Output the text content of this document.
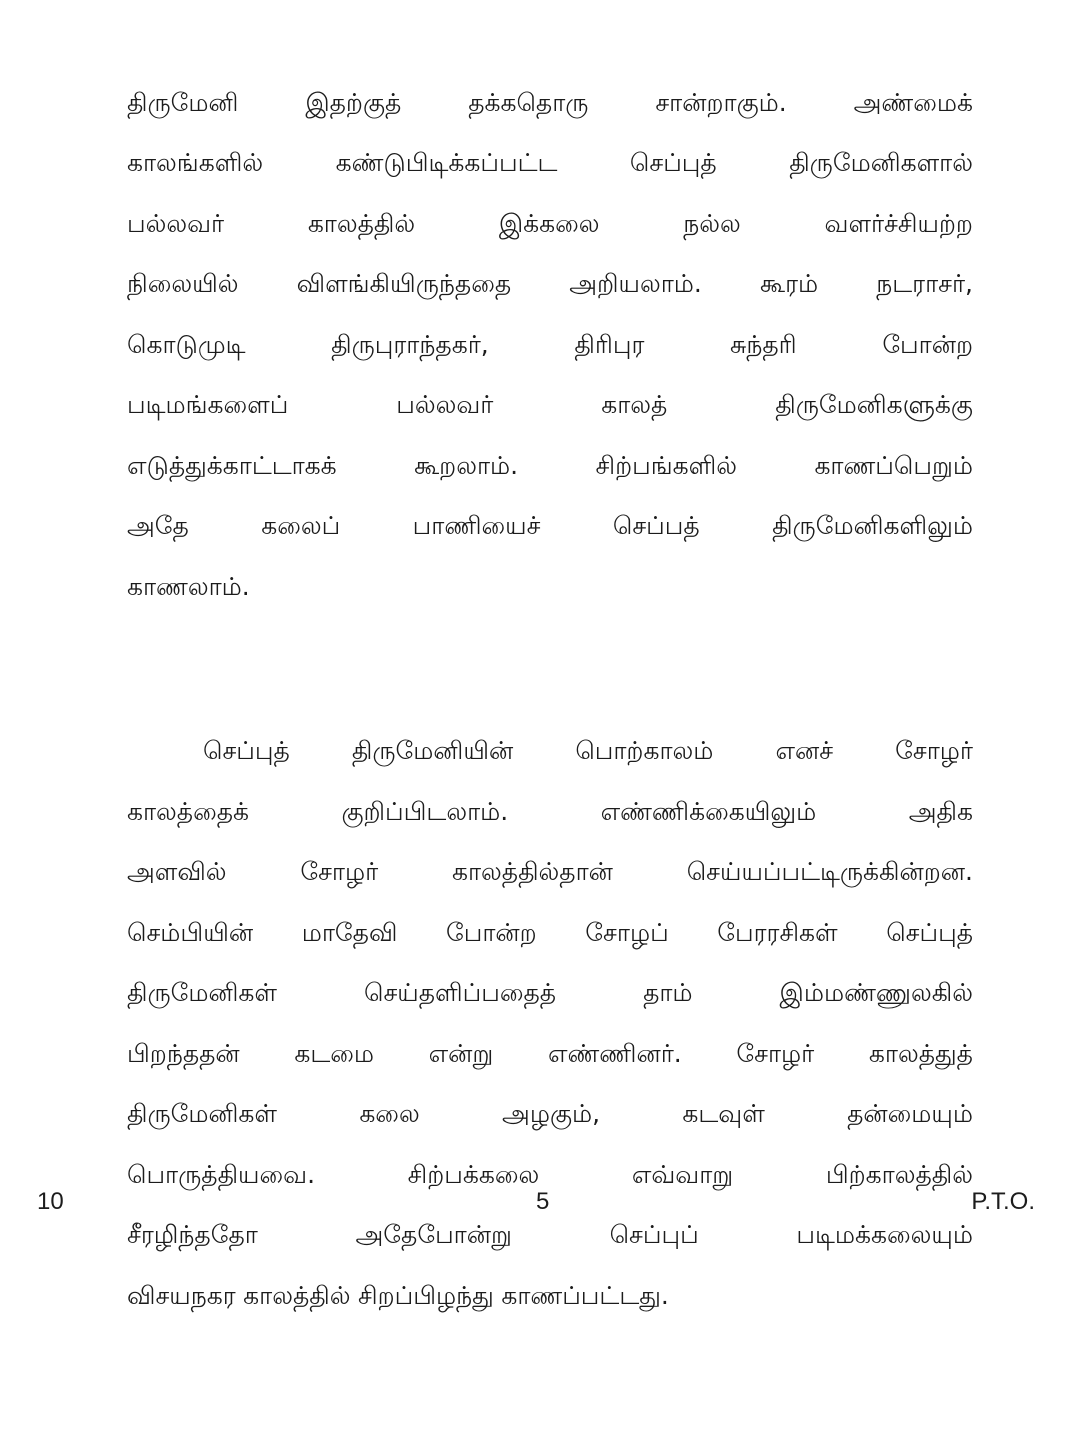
திருமேனி	இதற்குத்	தக்கதொரு	சான்றாகும்.	அண்மைக்
காலங்களில்	கண்டுபிடிக்கப்பட்ட	செப்புத்	திருமேனிகளால்
பல்லவர்	காலத்தில்	இக்கலை	நல்ல	வளர்ச்சியற்ற
நிலையில் விளங்கியிருந்ததை அறியலாம். கூரம் நடராசர்,
கொடுமுடி	திருபுராந்தகர்,	திரிபுர	சுந்தரி	போன்ற
படிமங்களைப்	பல்லவர்	காலத்	திருமேனிகளுக்கு
எடுத்துக்காட்டாகக்	கூறலாம்.	சிற்பங்களில்	காணப்பெறும்
அதே	கலைப்	பாணியைச்	செப்பத்	திருமேனிகளிலும்
காணலாம்.
செப்புத் திருமேனியின் பொற்காலம் எனச் சோழர்
காலத்தைக்	குறிப்பிடலாம்.	எண்ணிக்கையிலும்	அதிக
அளவில்	சோழர்	காலத்தில்தான்	செய்யப்பட்டிருக்கின்றன.
செம்பியின் மாதேவி போன்ற சோழப் பேரரசிகள் செப்புத்
திருமேனிகள்	செய்தளிப்பதைத்	தாம்	இம்மண்ணுலகில்
பிறந்ததன் கடமை என்று எண்ணினர். சோழர் காலத்துத்
திருமேனிகள்	கலை	அழகும்,	கடவுள்	தன்மையும்
பொருத்தியவை.	சிற்பக்கலை	எவ்வாறு	பிற்காலத்தில்
சீரழிந்ததோ	அதேபோன்று	செப்புப்	படிமக்கலையும்
விசயநகர காலத்தில் சிறப்பிழந்து காணப்பட்டது.
10	5	P.T.O.
